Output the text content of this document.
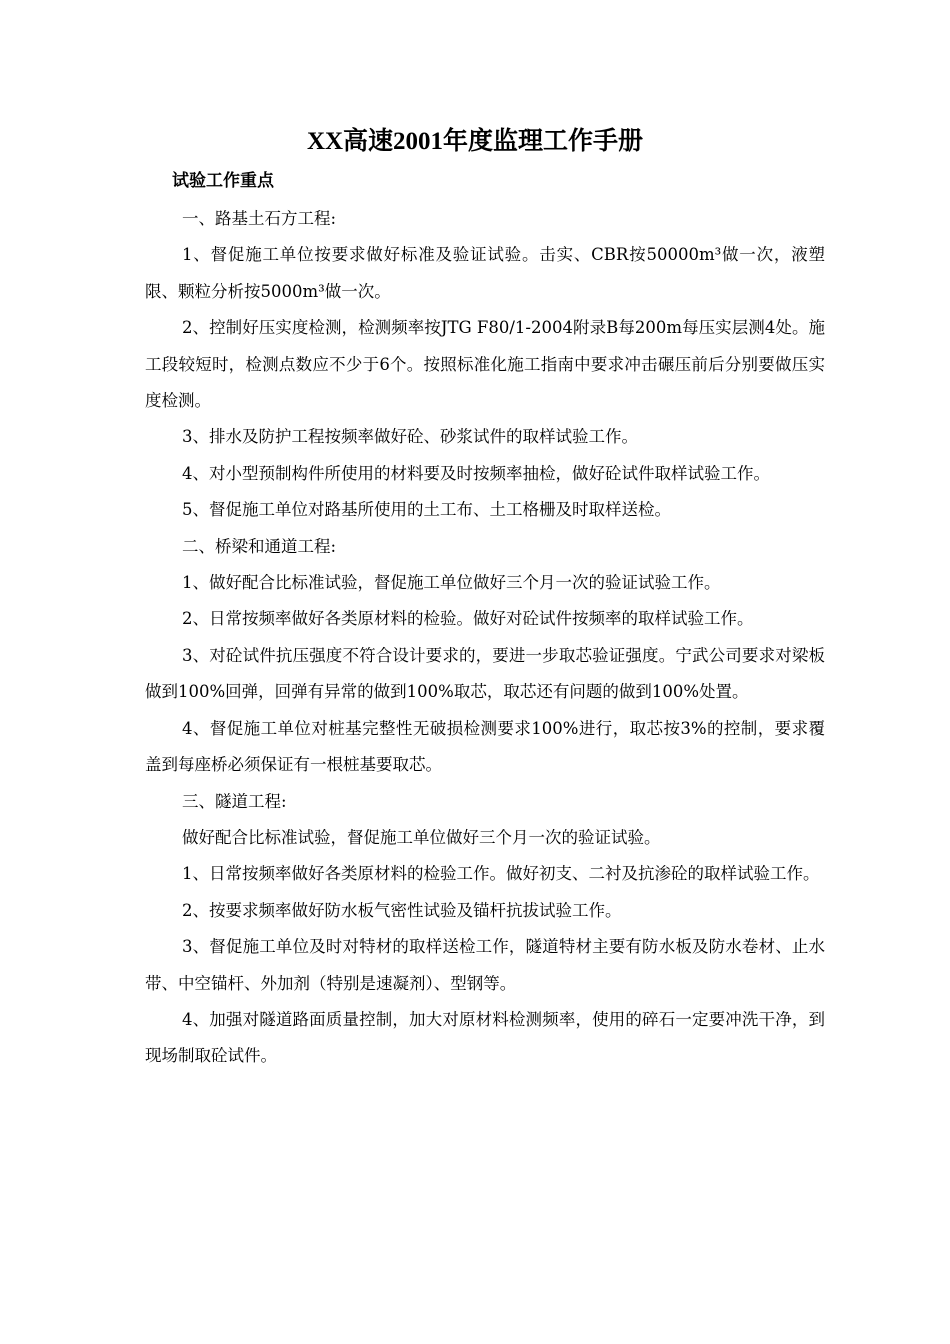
XX高速2001年度监理工作手册
试验工作重点

一、路基土石方工程:

1、督促施工单位按要求做好标准及验证试验。击实、CBR按50000m³做一次，液塑限、颗粒分析按5000m³做一次。

2、控制好压实度检测，检测频率按JTG F80/1-2004附录B每200m每压实层测4处。施工段较短时，检测点数应不少于6个。按照标准化施工指南中要求冲击碾压前后分别要做压实度检测。

3、排水及防护工程按频率做好砼、砂浆试件的取样试验工作。

4、对小型预制构件所使用的材料要及时按频率抽检，做好砼试件取样试验工作。

5、督促施工单位对路基所使用的土工布、土工格栅及时取样送检。

二、桥梁和通道工程:

1、做好配合比标准试验，督促施工单位做好三个月一次的验证试验工作。

2、日常按频率做好各类原材料的检验。做好对砼试件按频率的取样试验工作。

3、对砼试件抗压强度不符合设计要求的，要进一步取芯验证强度。宁武公司要求对梁板做到100%回弹，回弹有异常的做到100%取芯，取芯还有问题的做到100%处置。

4、督促施工单位对桩基完整性无破损检测要求100%进行，取芯按3%的控制，要求覆盖到每座桥必须保证有一根桩基要取芯。

三、隧道工程:

做好配合比标准试验，督促施工单位做好三个月一次的验证试验。

1、日常按频率做好各类原材料的检验工作。做好初支、二衬及抗渗砼的取样试验工作。

2、按要求频率做好防水板气密性试验及锚杆抗拔试验工作。

3、督促施工单位及时对特材的取样送检工作，隧道特材主要有防水板及防水卷材、止水带、中空锚杆、外加剂（特别是速凝剂）、型钢等。

4、加强对隧道路面质量控制，加大对原材料检测频率，使用的碎石一定要冲洗干净，到现场制取砼试件。
